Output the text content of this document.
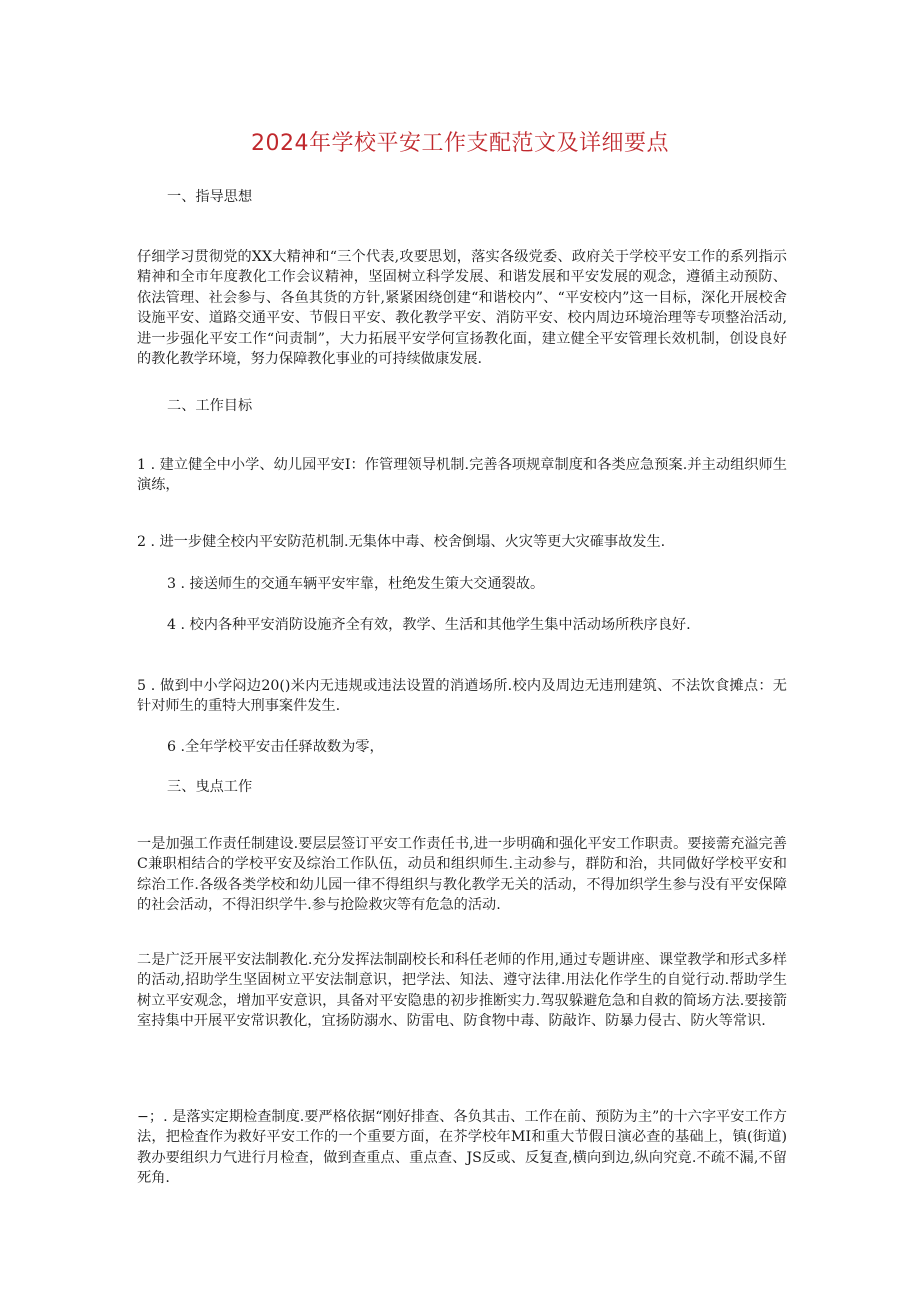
2024年学校平安工作支配范文及详细要点
一、指导思想
仔细学习贯彻党的XX大精神和“三个代表,攻要思划，落实各级党委、政府关于学校平安工作的系列指示精神和全市年度教化工作会议精神，坚固树立科学发展、和谐发展和平安发展的观念，遵循主动预防、依法管理、社会参与、各鱼其货的方针,紧紧困绕创建“和谐校内”、“平安校内”这一目标，深化开展校舍设施平安、道路交通平安、节假日平安、教化教学平安、消防平安、校内周边环境治理等专项整治活动,进一步强化平安工作“问责制”，大力拓展平安学何宣扬教化面，建立健全平安管理长效机制，创设良好的教化教学环境，努力保障教化事业的可持续做康发展.
二、工作目标
1 . 建立健全中小学、幼儿园平安I：作管理领导机制.完善各项规章制度和各类应急预案.并主动组织师生演练，
2 . 进一步健全校内平安防范机制.无集体中毒、校舍倒塌、火灾等更大灾確事故发生.
3 . 接送师生的交通车辆平安牢靠，杜绝发生策大交通裂故。
4 . 校内各种平安消防设施齐全有效，教学、生活和其他学生集中活动场所秩序良好.
5 . 做到中小学闷边20()米内无违规或违法设置的消遒场所.校内及周边无违刑建筑、不法饮食摊点：无针对师生的重特大刑事案件发生.
6 .全年学校平安击任驿故数为零，
三、曳点工作
一是加强工作责任制建设.要层层签订平安工作责任书,进一步明确和强化平安工作职责。要接薷充溢完善C兼职相结合的学校平安及综治工作队伍，动员和组织师生.主动参与，群防和治，共同做好学校平安和综治工作.各级各类学校和幼儿园一律不得组织与教化教学无关的活动，不得加织学生参与没有平安保障的社会活动，不得汨织学牛.参与抢险救灾等有危急的活动.
二是广泛开展平安法制教化.充分发挥法制副校长和科任老师的作用,通过专题讲座、课堂教学和形式多样的活动,招助学生坚固树立平安法制意识，把学法、知法、遵守法律.用法化作学生的自觉行动.帮助学生树立平安观念，增加平安意识，具备对平安隐患的初步推断实力.驾驭躲避危急和自救的简场方法.要接箭室持集中开展平安常识教化，宜扬防溺水、防雷电、防食物中毒、防敲诈、防暴力侵古、防火等常识.
−；. 是落实定期检查制度.要严格依据“刚好排查、各负其击、工作在前、预防为主”的十六字平安工作方法，把检査作为救好平安工作的一个重要方面，在芥学校年MI和重大节假日演必查的基础上，镇(街道)教办要组织力气进行月检查，做到查重点、重点查、JS反或、反复查,横向到边,纵向究竟.不疏不漏,不留死角.
